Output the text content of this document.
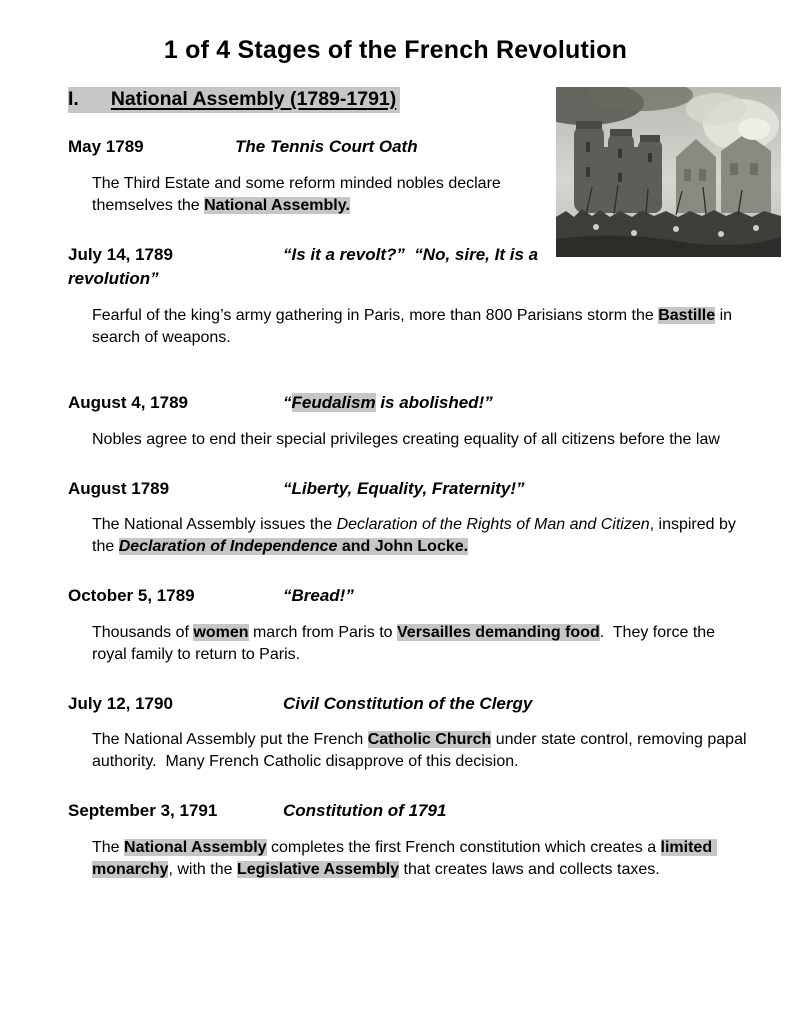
1 of 4 Stages of the French Revolution
I. National Assembly (1789-1791)

May 1789	The Tennis Court Oath

The Third Estate and some reform minded nobles declare themselves the National Assembly.

July 14, 1789	“Is it a revolt?”  “No, sire, It is a revolution”

Fearful of the king’s army gathering in Paris, more than 800 Parisians storm the Bastille in search of weapons.

August 4, 1789	“Feudalism is abolished!”

Nobles agree to end their special privileges creating equality of all citizens before the law

August 1789	“Liberty, Equality, Fraternity!”

The National Assembly issues the Declaration of the Rights of Man and Citizen, inspired by the Declaration of Independence and John Locke.

October 5, 1789	“Bread!”

Thousands of women march from Paris to Versailles demanding food.  They force the royal family to return to Paris.

July 12, 1790	Civil Constitution of the Clergy

The National Assembly put the French Catholic Church under state control, removing papal authority.  Many French Catholic disapprove of this decision.

September 3, 1791	Constitution of 1791

The National Assembly completes the first French constitution which creates a limited monarchy, with the Legislative Assembly that creates laws and collects taxes.
